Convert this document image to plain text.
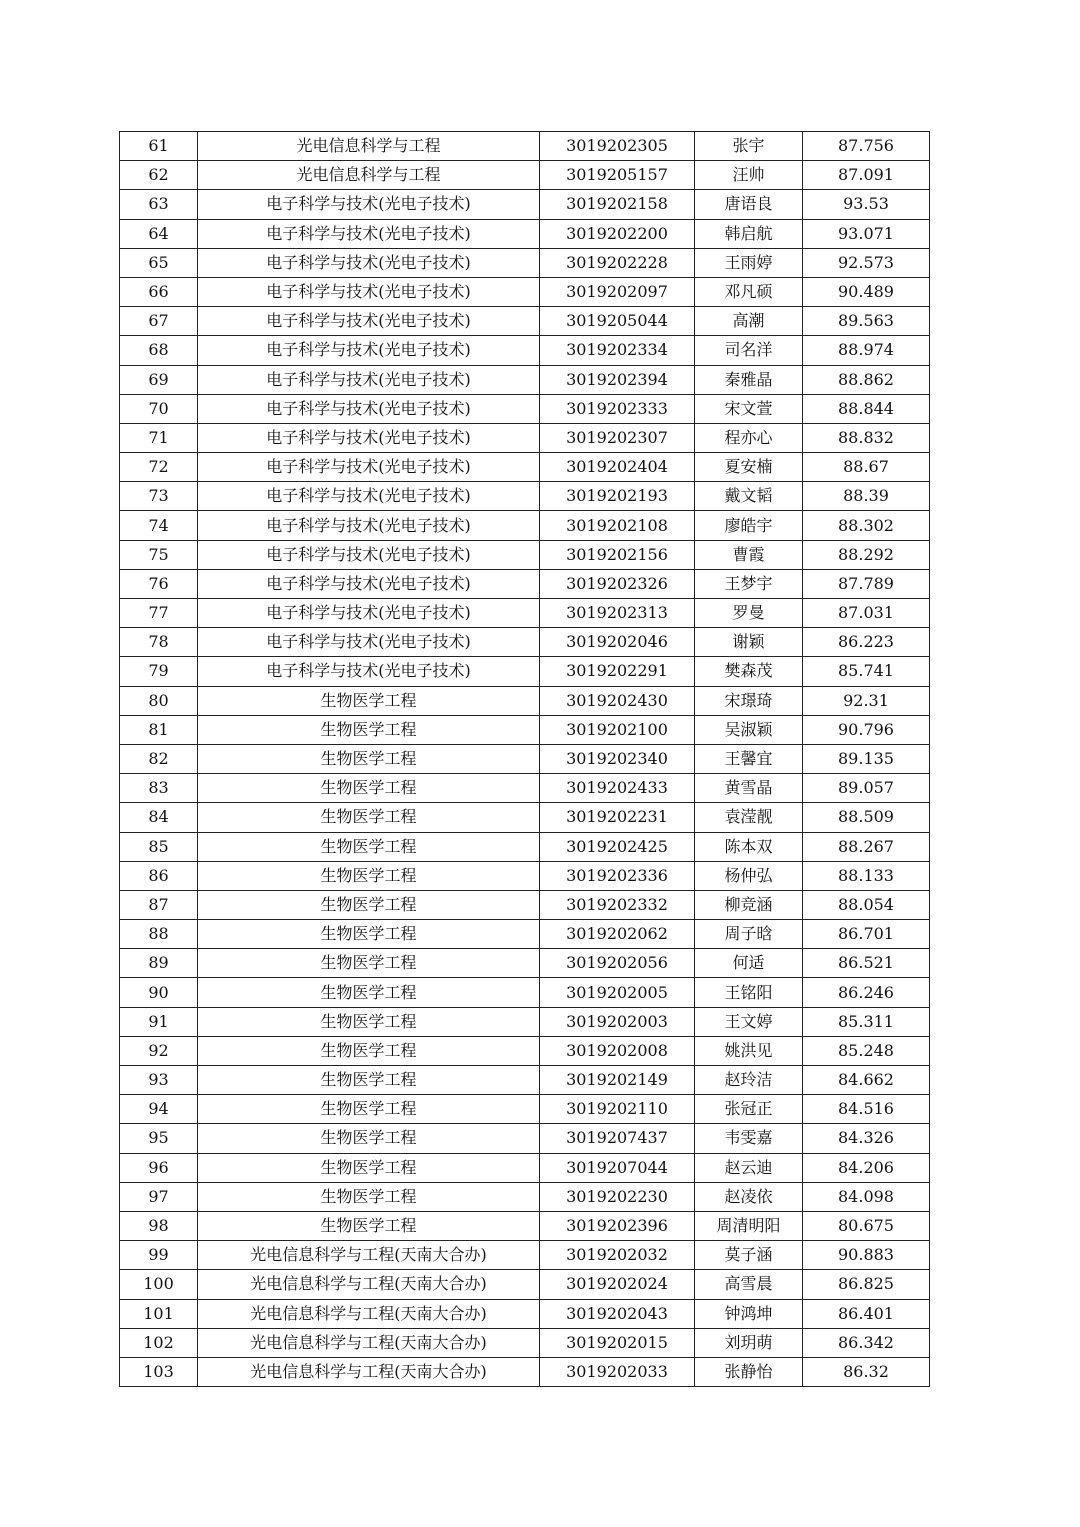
61	光电信息科学与工程	3019202305	张宇	87.756
62	光电信息科学与工程	3019205157	汪帅	87.091
63	电子科学与技术(光电子技术)	3019202158	唐语良	93.53
64	电子科学与技术(光电子技术)	3019202200	韩启航	93.071
65	电子科学与技术(光电子技术)	3019202228	王雨婷	92.573
66	电子科学与技术(光电子技术)	3019202097	邓凡硕	90.489
67	电子科学与技术(光电子技术)	3019205044	高潮	89.563
68	电子科学与技术(光电子技术)	3019202334	司名洋	88.974
69	电子科学与技术(光电子技术)	3019202394	秦雅晶	88.862
70	电子科学与技术(光电子技术)	3019202333	宋文萱	88.844
71	电子科学与技术(光电子技术)	3019202307	程亦心	88.832
72	电子科学与技术(光电子技术)	3019202404	夏安楠	88.67
73	电子科学与技术(光电子技术)	3019202193	戴文韬	88.39
74	电子科学与技术(光电子技术)	3019202108	廖皓宇	88.302
75	电子科学与技术(光电子技术)	3019202156	曹霞	88.292
76	电子科学与技术(光电子技术)	3019202326	王梦宇	87.789
77	电子科学与技术(光电子技术)	3019202313	罗曼	87.031
78	电子科学与技术(光电子技术)	3019202046	谢颖	86.223
79	电子科学与技术(光电子技术)	3019202291	樊森茂	85.741
80	生物医学工程	3019202430	宋璟琦	92.31
81	生物医学工程	3019202100	吴淑颖	90.796
82	生物医学工程	3019202340	王馨宜	89.135
83	生物医学工程	3019202433	黄雪晶	89.057
84	生物医学工程	3019202231	袁滢靓	88.509
85	生物医学工程	3019202425	陈本双	88.267
86	生物医学工程	3019202336	杨仲弘	88.133
87	生物医学工程	3019202332	柳竞涵	88.054
88	生物医学工程	3019202062	周子晗	86.701
89	生物医学工程	3019202056	何适	86.521
90	生物医学工程	3019202005	王铭阳	86.246
91	生物医学工程	3019202003	王文婷	85.311
92	生物医学工程	3019202008	姚洪见	85.248
93	生物医学工程	3019202149	赵玲洁	84.662
94	生物医学工程	3019202110	张冠正	84.516
95	生物医学工程	3019207437	韦雯嘉	84.326
96	生物医学工程	3019207044	赵云迪	84.206
97	生物医学工程	3019202230	赵凌依	84.098
98	生物医学工程	3019202396	周清明阳	80.675
99	光电信息科学与工程(天南大合办)	3019202032	莫子涵	90.883
100	光电信息科学与工程(天南大合办)	3019202024	高雪晨	86.825
101	光电信息科学与工程(天南大合办)	3019202043	钟鸿坤	86.401
102	光电信息科学与工程(天南大合办)	3019202015	刘玥萌	86.342
103	光电信息科学与工程(天南大合办)	3019202033	张静怡	86.32
